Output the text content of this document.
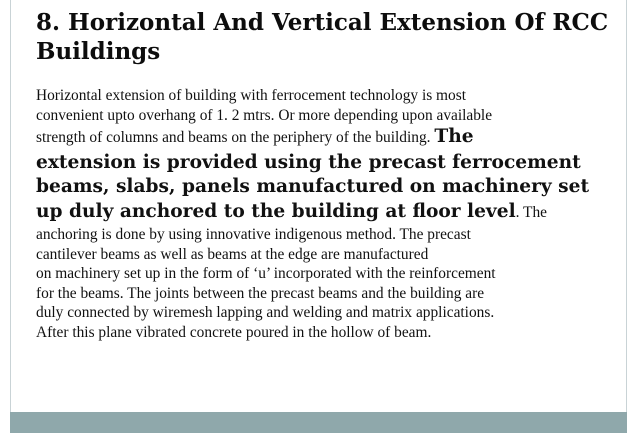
8. Horizontal And Vertical Extension Of RCC
Buildings
Horizontal extension of building with ferrocement technology is most
convenient upto overhang of 1. 2 mtrs. Or more depending upon available
strength of columns and beams on the periphery of the building. The
extension is provided using the precast ferrocement
beams, slabs, panels manufactured on machinery set
up duly anchored to the building at floor level. The
anchoring is done by using innovative indigenous method. The precast
cantilever beams as well as beams at the edge are manufactured
on machinery set up in the form of ‘u’ incorporated with the reinforcement
for the beams. The joints between the precast beams and the building are
duly connected by wiremesh lapping and welding and matrix applications.
After this plane vibrated concrete poured in the hollow of beam.
